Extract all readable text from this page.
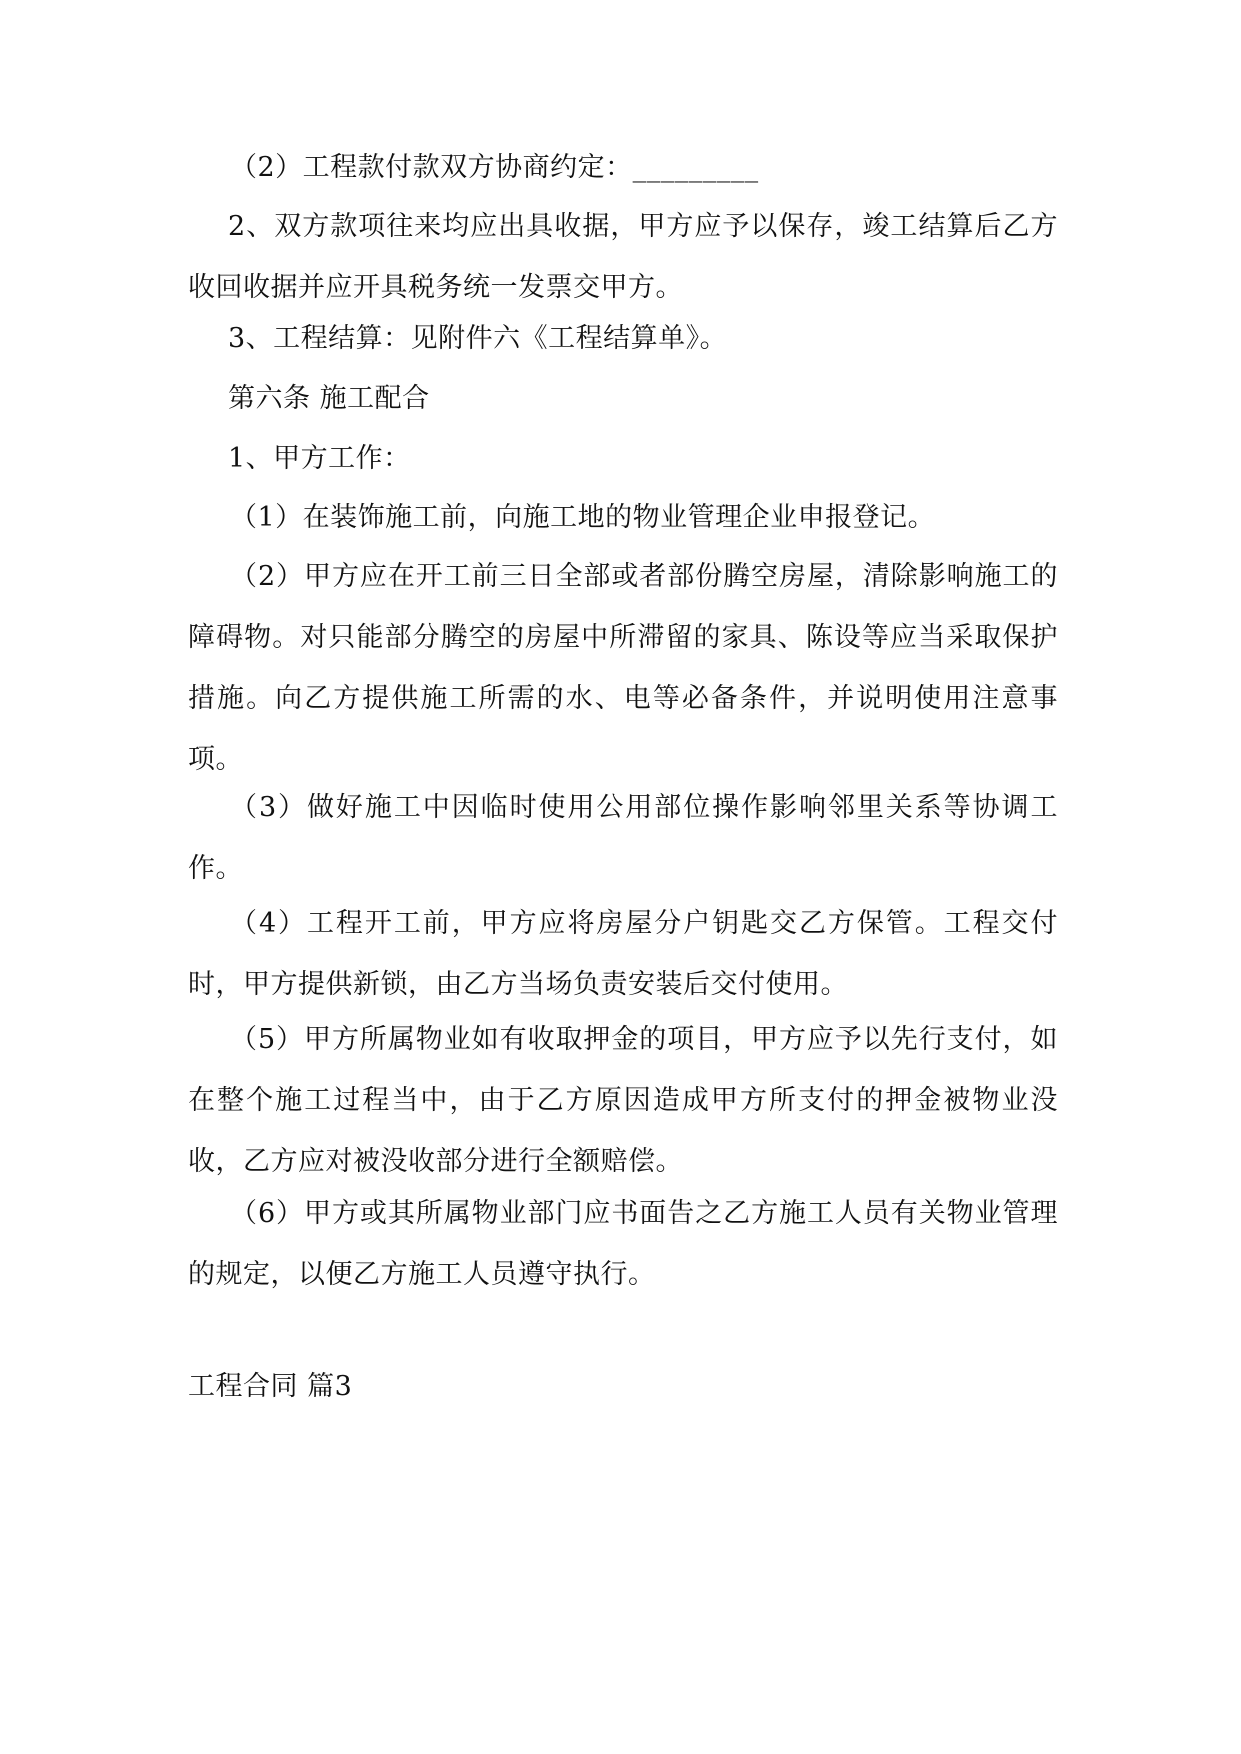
（2）工程款付款双方协商约定：_________

2、双方款项往来均应出具收据，甲方应予以保存，竣工结算后乙方收回收据并应开具税务统一发票交甲方。

3、工程结算：见附件六《工程结算单》。

第六条 施工配合

1、甲方工作：

（1）在装饰施工前，向施工地的物业管理企业申报登记。

（2）甲方应在开工前三日全部或者部份腾空房屋，清除影响施工的障碍物。对只能部分腾空的房屋中所滞留的家具、陈设等应当采取保护措施。向乙方提供施工所需的水、电等必备条件，并说明使用注意事项。

（3）做好施工中因临时使用公用部位操作影响邻里关系等协调工作。

（4）工程开工前，甲方应将房屋分户钥匙交乙方保管。工程交付时，甲方提供新锁，由乙方当场负责安装后交付使用。

（5）甲方所属物业如有收取押金的项目，甲方应予以先行支付，如在整个施工过程当中，由于乙方原因造成甲方所支付的押金被物业没收，乙方应对被没收部分进行全额赔偿。

（6）甲方或其所属物业部门应书面告之乙方施工人员有关物业管理的规定，以便乙方施工人员遵守执行。

工程合同 篇3
